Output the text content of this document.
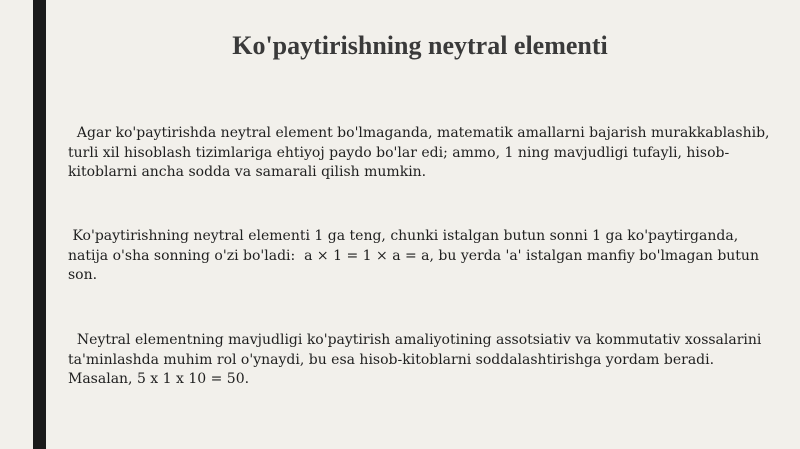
Ko'paytirishning neytral elementi

Agar ko'paytirishda neytral element bo'lmaganda, matematik amallarni bajarish murakkablashib, turli xil hisoblash tizimlariga ehtiyoj paydo bo'lar edi; ammo, 1 ning mavjudligi tufayli, hisob-kitoblarni ancha sodda va samarali qilish mumkin.

Ko'paytirishning neytral elementi 1 ga teng, chunki istalgan butun sonni 1 ga ko'paytirganda, natija o'sha sonning o'zi bo'ladi:  a × 1 = 1 × a = a, bu yerda 'a' istalgan manfiy bo'lmagan butun son.

Neytral elementning mavjudligi ko'paytirish amaliyotining assotsiativ va kommutativ xossalarini ta'minlashda muhim rol o'ynaydi, bu esa hisob-kitoblarni soddalashtirishga yordam beradi. Masalan, 5 x 1 x 10 = 50.
